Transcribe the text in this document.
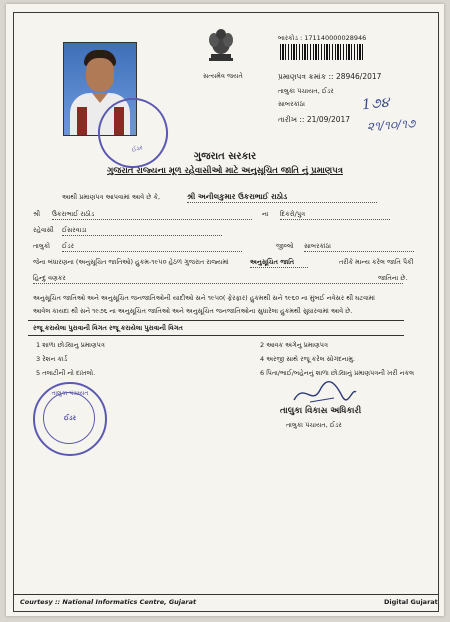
ઈડર
સત્યમેવ જયતે
બારકોડ : 171140000028946
પ્રમાણપત્ર ક્રમાંક :: 28946/2017
તાલુકા પંચાયત, ઈડર
સાબરકાંઠા
તારીખ :: 21/09/2017
1૭૪
૨૧/૧૦/૧૭
ગુજરાત સરકાર
ગુજરાત રાજ્યના મૂળ રહેવાસીઓ માટે અનુસૂચિત જાતિ નું પ્રમાણપત્ર
આથી પ્રમાણપત્ર આપવામાં આવે છે કે,	શ્રી અનીલકુમાર ઉકરાભાઈ રાઠોડ
શ્રી ઉકરાભાઈ રાઠોડ	ના દિકરો/પુત્ર
રહેવાસી ઈસરવાડા
તાલુકો ઈડર	જીલ્લો સાબરકાંઠા
જેના બંધારણના (અનુસૂચિત જાતિઓ) હુકમ-૧૯૫૦ હેઠળ ગુજરાત રાજ્યમાં	અનુસૂચિત જાતિ	તરીકે માન્ય કરેલ જાતિ પૈકી
હિન્દુ વણકર	જાતિના છે.
અનુસૂચિત જાતિઓ અને અનુસૂચિત જનજાતિઓની યાદીઓ સને ૧૯૫૦( ફેરફાર) હુકમથી સને ૧૯૬૦ ના મુંબઈ નવેસર થી ઘટવામાં
આવેલ કાયદા થી સને ૧૯૭૬ ના અનુસૂચિત જાતિઓ અને અનુસૂચિત જનજાતિઓના સુધારેલા હુકમથી સુધારવામાં આવે છે.
રજૂ કરાયેલા પુરાવાની વિગત રજૂ કરાયેલા પુરાવાની વિગત
1 શાળા છોડ્યાનુ પ્રમાણપત્ર	2 આવક અંગેનુ પ્રમાણપત્ર
3 રેશન કાર્ડ	4 અરજી સાથે રજૂ કરેલ સોગંદનામુ.
5 તલાટીની નો દાખલો.	6 પિતા/ભાઈ/બહેનનું શાળા છોડ્યાનું પ્રમાણપત્રની ખરી નકલ
તાલુકા પંચાયત
ઈડર
તાલુકા વિકાસ અધિકારી
તાલુકા પંચાયત, ઈડર
Courtesy :: National Informatics Centre, Gujarat	Digital Gujarat
